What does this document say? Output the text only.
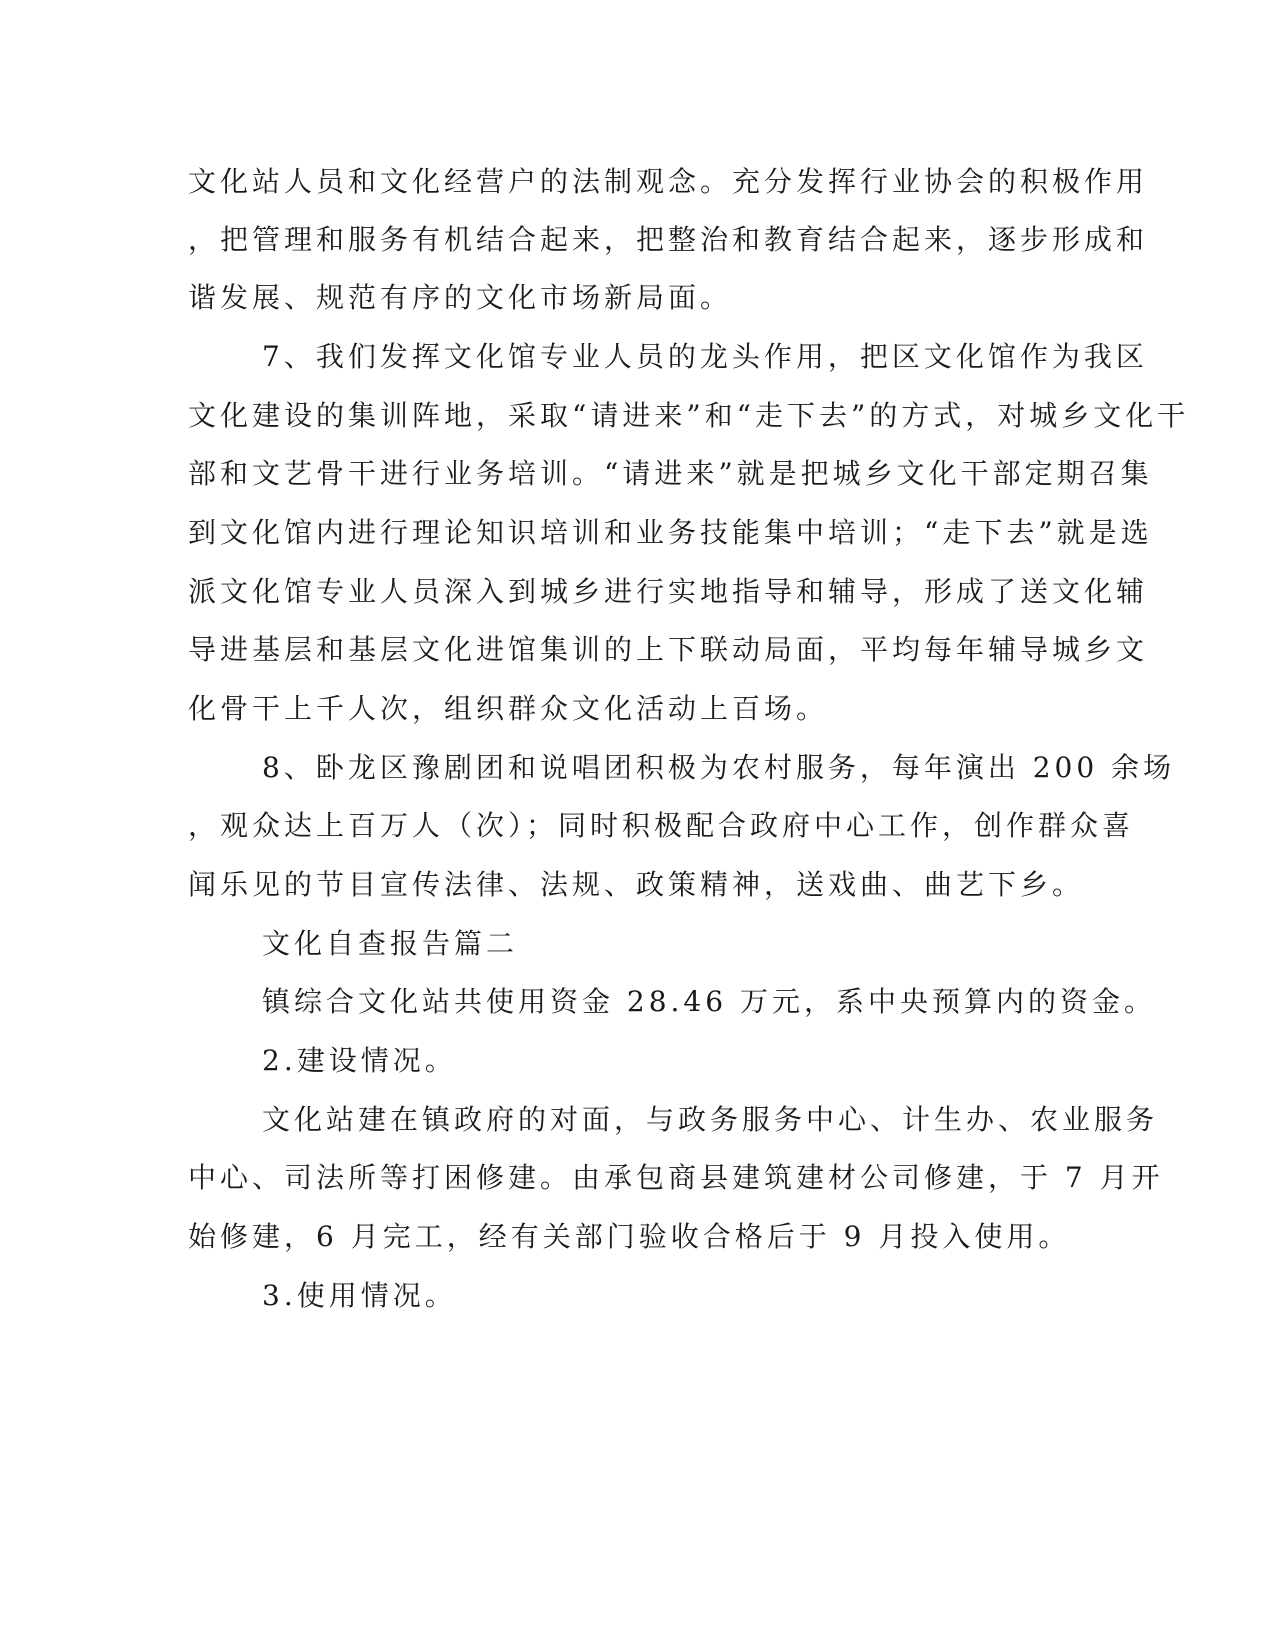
文化站人员和文化经营户的法制观念。充分发挥行业协会的积极作用
，把管理和服务有机结合起来，把整治和教育结合起来，逐步形成和
谐发展、规范有序的文化市场新局面。
7、我们发挥文化馆专业人员的龙头作用，把区文化馆作为我区
文化建设的集训阵地，采取“请进来”和“走下去”的方式，对城乡文化干
部和文艺骨干进行业务培训。“请进来”就是把城乡文化干部定期召集
到文化馆内进行理论知识培训和业务技能集中培训；“走下去”就是选
派文化馆专业人员深入到城乡进行实地指导和辅导，形成了送文化辅
导进基层和基层文化进馆集训的上下联动局面，平均每年辅导城乡文
化骨干上千人次，组织群众文化活动上百场。
8、卧龙区豫剧团和说唱团积极为农村服务，每年演出 200 余场
，观众达上百万人（次）；同时积极配合政府中心工作，创作群众喜
闻乐见的节目宣传法律、法规、政策精神，送戏曲、曲艺下乡。
文化自查报告篇二
镇综合文化站共使用资金 28.46 万元，系中央预算内的资金。
2.建设情况。
文化站建在镇政府的对面，与政务服务中心、计生办、农业服务
中心、司法所等打困修建。由承包商县建筑建材公司修建，于 7 月开
始修建，6 月完工，经有关部门验收合格后于 9 月投入使用。
3.使用情况。
